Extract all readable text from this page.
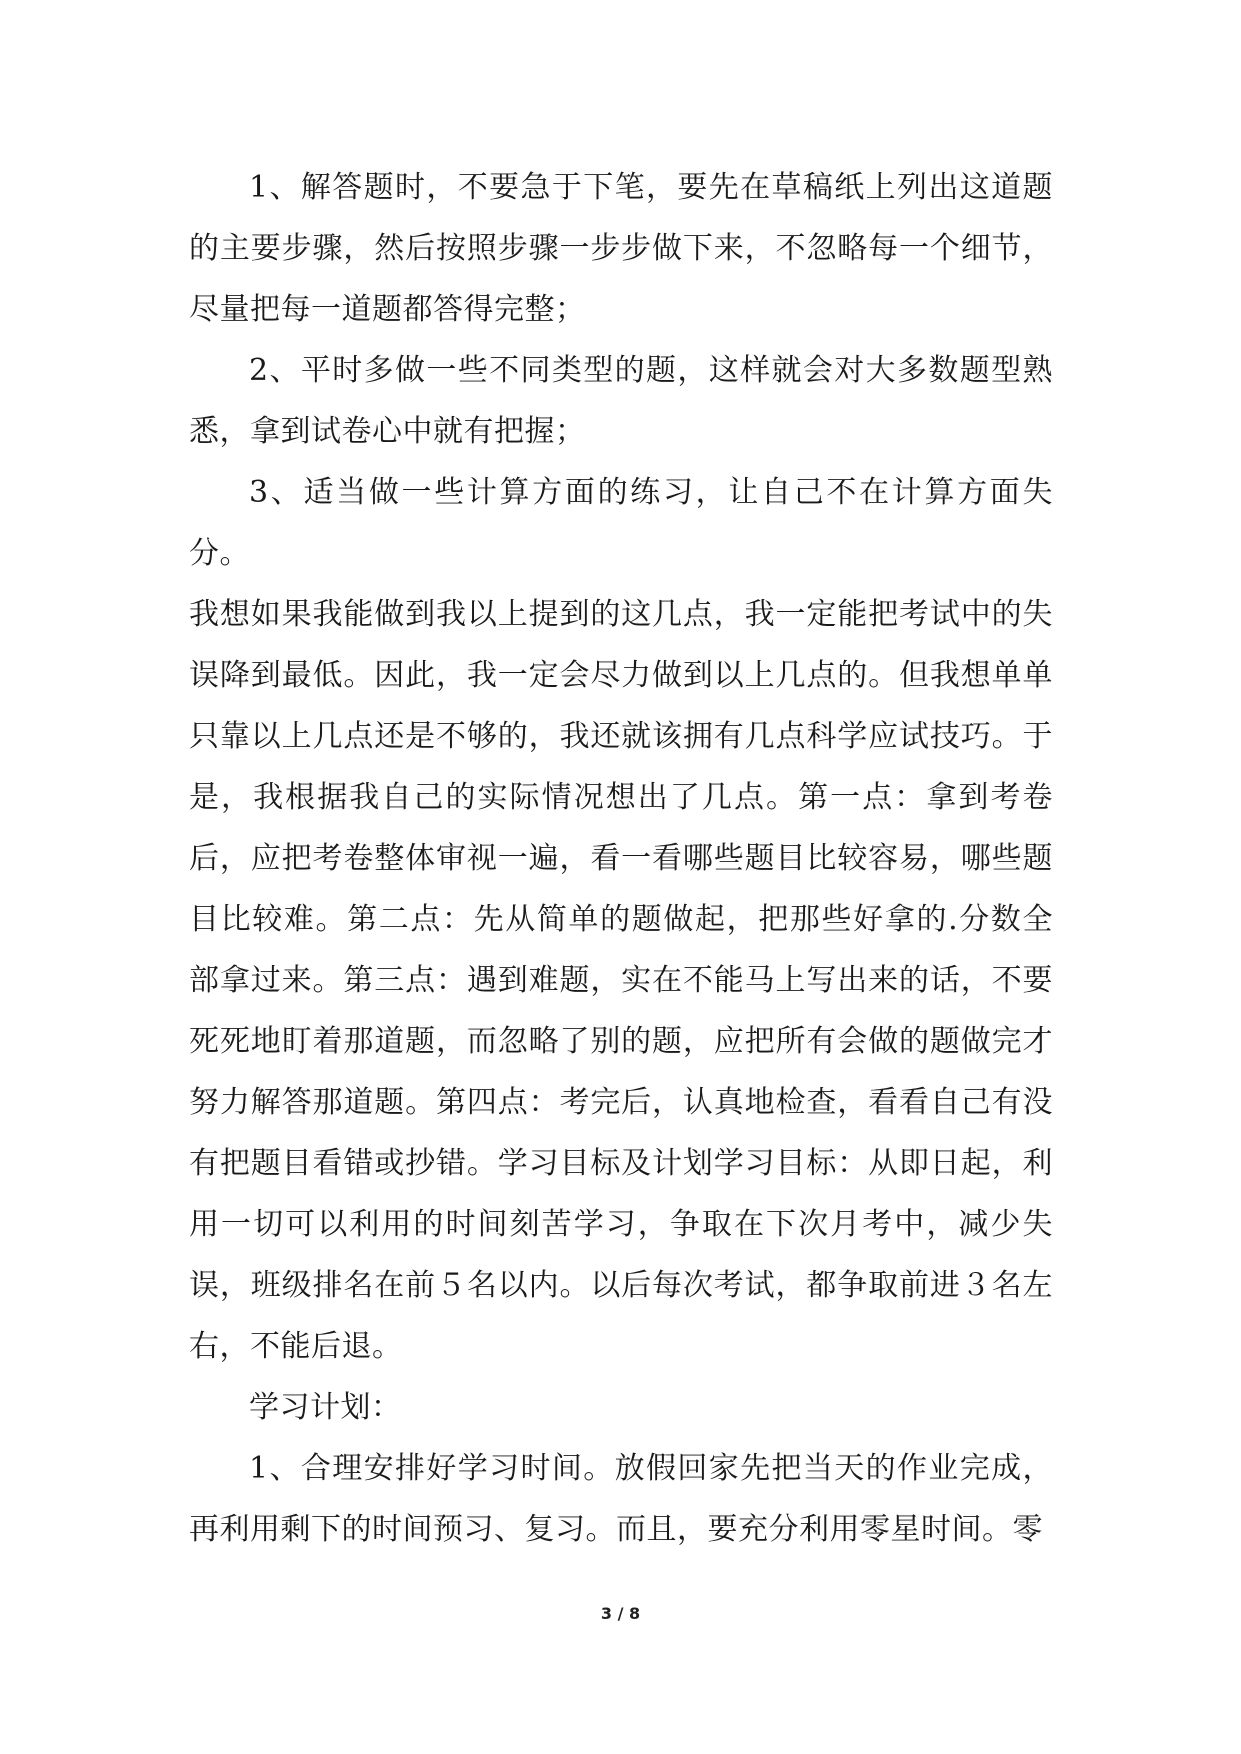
1、解答题时，不要急于下笔，要先在草稿纸上列出这道题的主要步骤，然后按照步骤一步步做下来，不忽略每一个细节，尽量把每一道题都答得完整；

2、平时多做一些不同类型的题，这样就会对大多数题型熟悉，拿到试卷心中就有把握；

3、适当做一些计算方面的练习，让自己不在计算方面失分。

我想如果我能做到我以上提到的这几点，我一定能把考试中的失误降到最低。因此，我一定会尽力做到以上几点的。但我想单单只靠以上几点还是不够的，我还就该拥有几点科学应试技巧。于是，我根据我自己的实际情况想出了几点。第一点：拿到考卷后，应把考卷整体审视一遍，看一看哪些题目比较容易，哪些题目比较难。第二点：先从简单的题做起，把那些好拿的.分数全部拿过来。第三点：遇到难题，实在不能马上写出来的话，不要死死地盯着那道题，而忽略了别的题，应把所有会做的题做完才努力解答那道题。第四点：考完后，认真地检查，看看自己有没有把题目看错或抄错。学习目标及计划学习目标：从即日起，利用一切可以利用的时间刻苦学习，争取在下次月考中，减少失误，班级排名在前５名以内。以后每次考试，都争取前进３名左右，不能后退。

学习计划：

1、合理安排好学习时间。放假回家先把当天的作业完成，再利用剩下的时间预习、复习。而且，要充分利用零星时间。零

3 / 8
